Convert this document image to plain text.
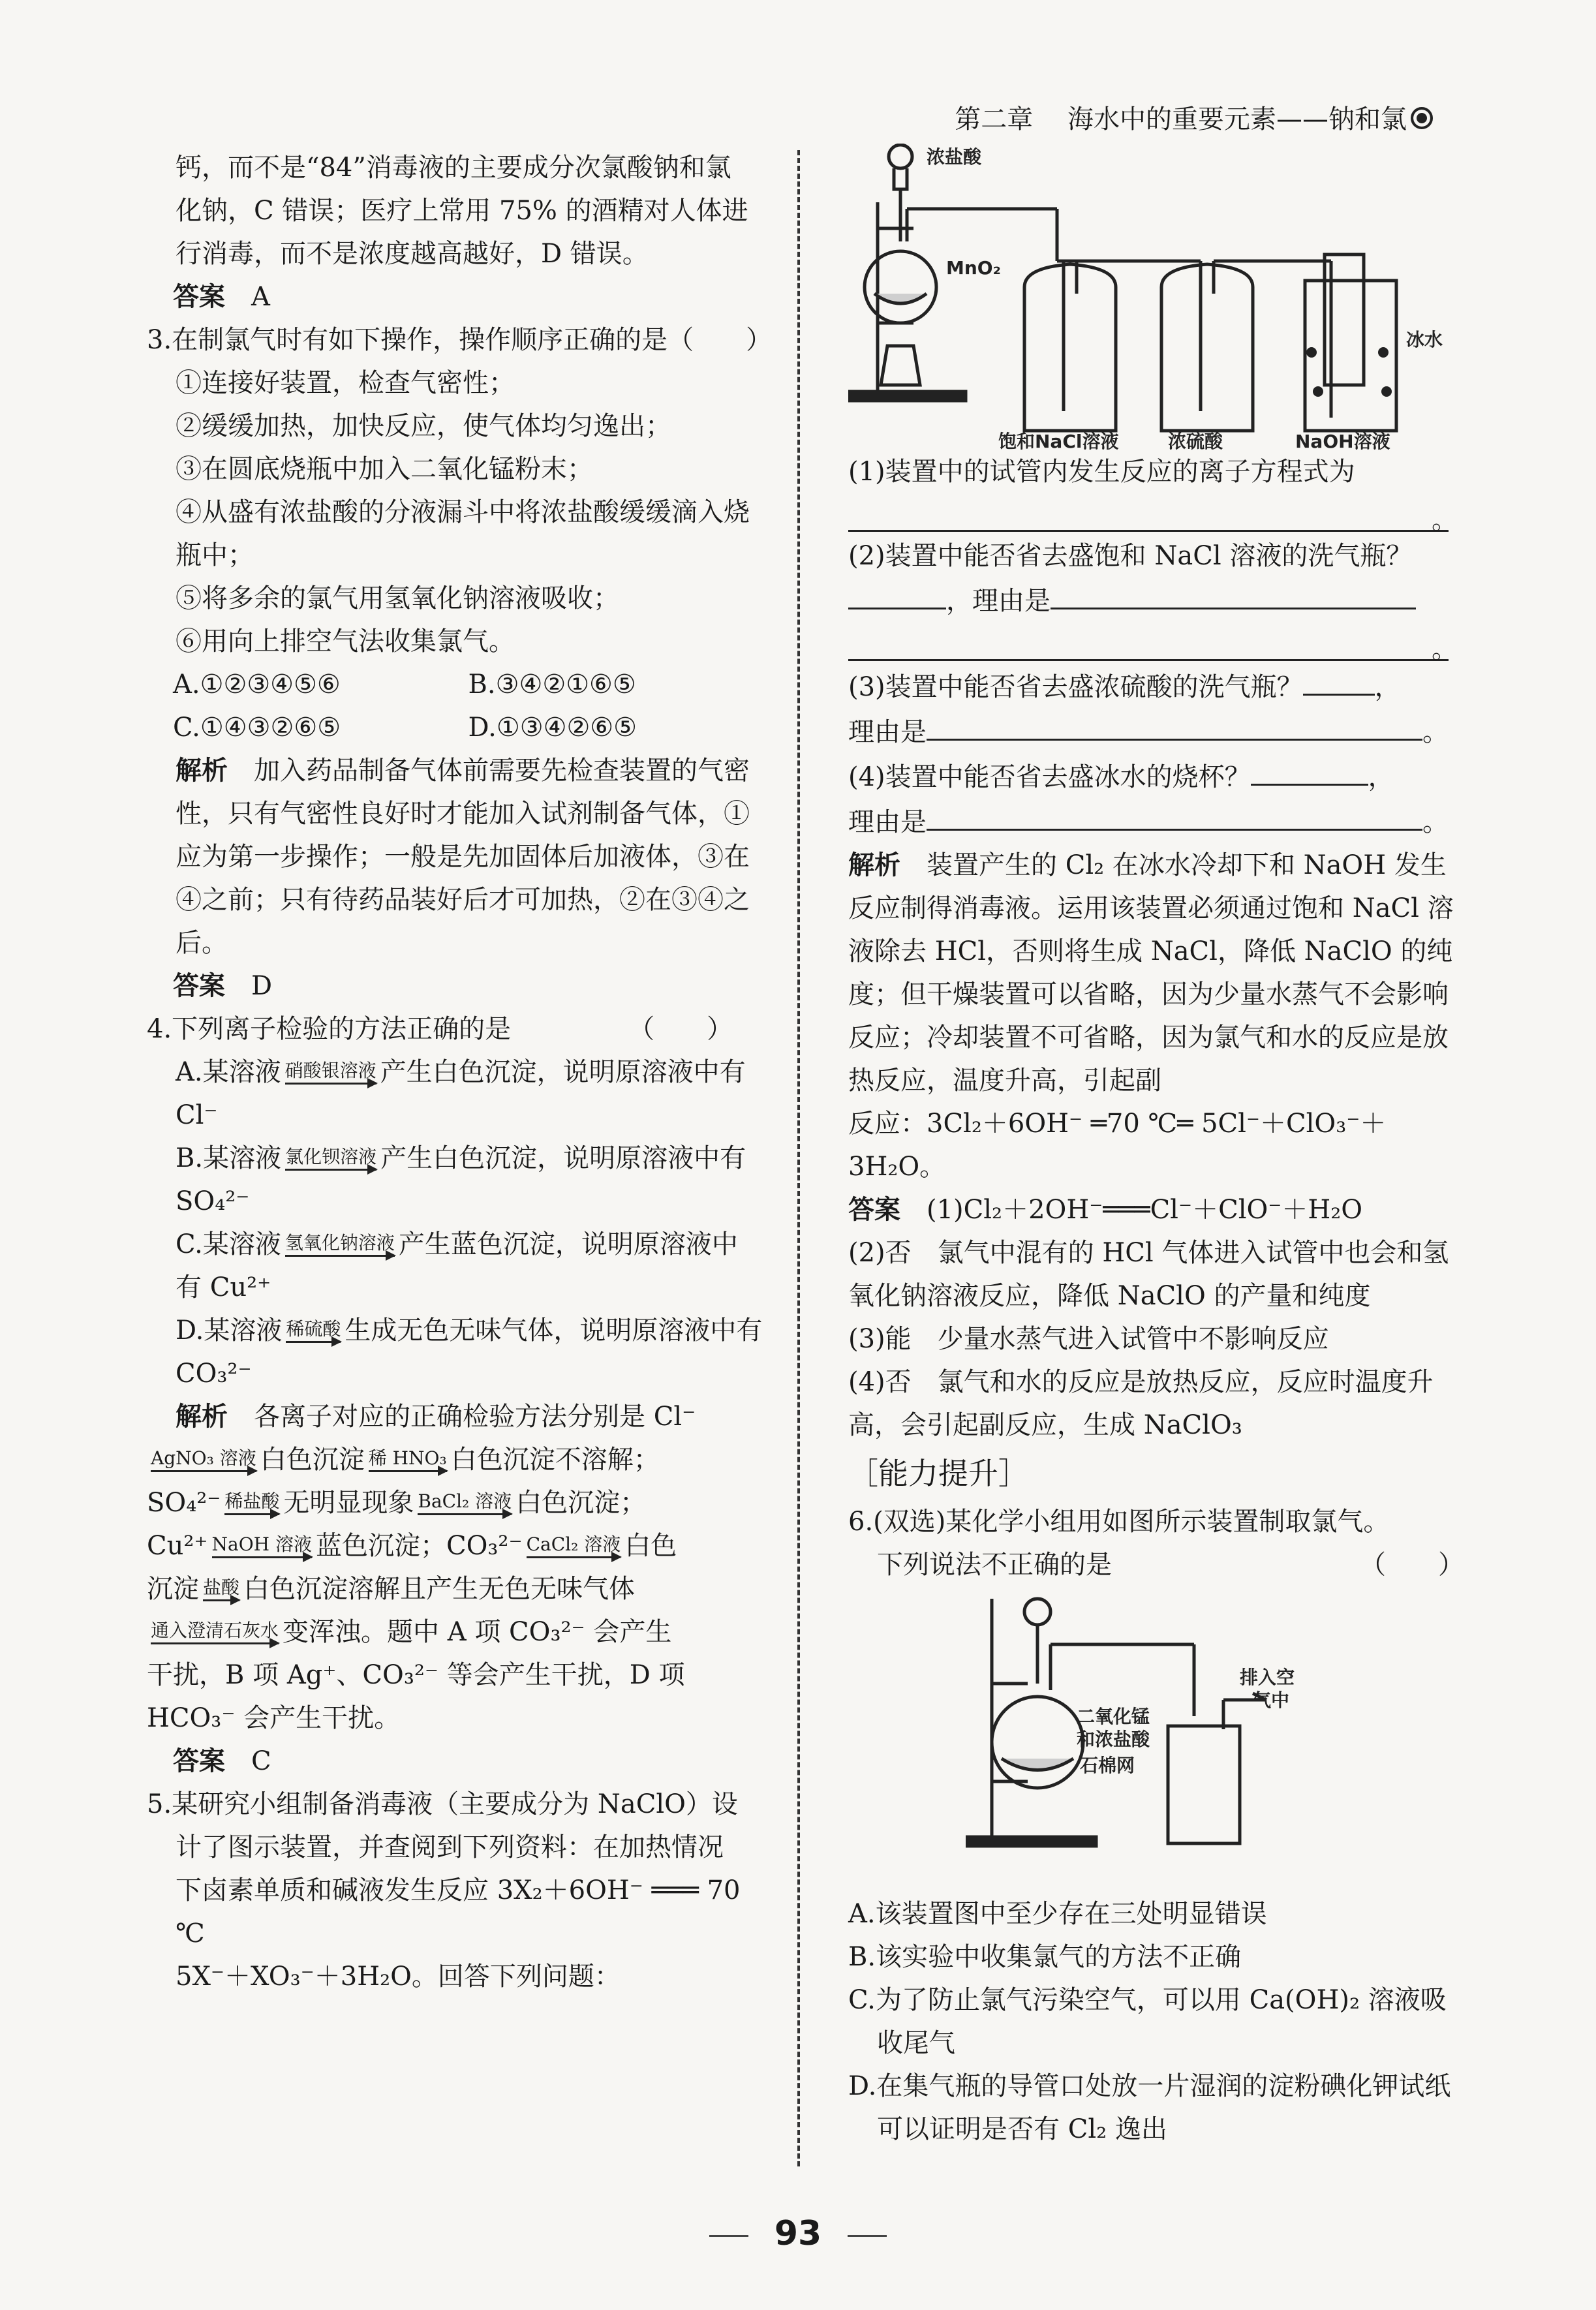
第二章　 海水中的重要元素——钠和氯

钙，而不是“84”消毒液的主要成分次氯酸钠和氯

化钠，C 错误；医疗上常用 75% 的酒精对人体进

行消毒，而不是浓度越高越好，D 错误。

答案　 A

3.在制氯气时有如下操作，操作顺序正确的是（　　）

①连接好装置，检查气密性；

②缓缓加热，加快反应，使气体均匀逸出；

③在圆底烧瓶中加入二氧化锰粉末；

④从盛有浓盐酸的分液漏斗中将浓盐酸缓缓滴入烧瓶中；

⑤将多余的氯气用氢氧化钠溶液吸收；

⑥用向上排空气法收集氯气。

A.①②③④⑤⑥	B.③④②①⑥⑤
C.①④③②⑥⑤	D.①③④②⑥⑤

解析　 加入药品制备气体前需要先检查装置的气密性，只有气密性良好时才能加入试剂制备气体，①应为第一步操作；一般是先加固体后加液体，③在④之前；只有待药品装好后才可加热，②在③④之后。

答案　 D

4.下列离子检验的方法正确的是　　　　　（　　）

A.某溶液 硝酸银溶液 产生白色沉淀，说明原溶液中有 Cl⁻

B.某溶液 氯化钡溶液 产生白色沉淀，说明原溶液中有 SO₄²⁻

C.某溶液 氢氧化钠溶液 产生蓝色沉淀，说明原溶液中有 Cu²⁺

D.某溶液 稀硫酸 生成无色无味气体，说明原溶液中有 CO₃²⁻

解析　 各离子对应的正确检验方法分别是 Cl⁻

AgNO₃ 溶液 白色沉淀 稀 HNO₃ 白色沉淀不溶解；

SO₄²⁻ 稀盐酸 无明显现象 BaCl₂ 溶液 白色沉淀；

Cu²⁺ NaOH 溶液 蓝色沉淀；CO₃²⁻ CaCl₂ 溶液 白色

沉淀 盐酸 白色沉淀溶解且产生无色无味气体

通入澄清石灰水 变浑浊。题中 A 项 CO₃²⁻ 会产生

干扰，B 项 Ag⁺、CO₃²⁻ 等会产生干扰，D 项

HCO₃⁻ 会产生干扰。

答案　 C

5.某研究小组制备消毒液（主要成分为 NaClO）设

计了图示装置，并查阅到下列资料：在加热情况

下卤素单质和碱液发生反应 3X₂＋6OH⁻ ═══ 70 ℃

5X⁻＋XO₃⁻＋3H₂O。回答下列问题：

浓盐酸
MnO₂
饱和NaCl溶液	浓硫酸	NaOH溶液
冰水

(1)装置中的试管内发生反应的离子方程式为

。

(2)装置中能否省去盛饱和 NaCl 溶液的洗气瓶？

，理由是

。

(3)装置中能否省去盛浓硫酸的洗气瓶？	，

理由是	。

(4)装置中能否省去盛冰水的烧杯？	，

理由是	。

解析　 装置产生的 Cl₂ 在冰水冷却下和 NaOH 发生反应制得消毒液。运用该装置必须通过饱和 NaCl 溶液除去 HCl，否则将生成 NaCl，降低 NaClO 的纯度；但干燥装置可以省略，因为少量水蒸气不会影响反应；冷却装置不可省略，因为氯气和水的反应是放热反应，温度升高，引起副

反应：3Cl₂＋6OH⁻ ═70 ℃═ 5Cl⁻＋ClO₃⁻＋3H₂O。

答案　 (1)Cl₂＋2OH⁻═══Cl⁻＋ClO⁻＋H₂O

(2)否　氯气中混有的 HCl 气体进入试管中也会和氢氧化钠溶液反应，降低 NaClO 的产量和纯度

(3)能　少量水蒸气进入试管中不影响反应

(4)否　氯气和水的反应是放热反应，反应时温度升高，会引起副反应，生成 NaClO₃

［能力提升］

6.(双选)某化学小组用如图所示装置制取氯气。

下列说法不正确的是　　　　　　　　　　（　　）

二氧化锰
和浓盐酸
石棉网
排入空
气中

A.该装置图中至少存在三处明显错误

B.该实验中收集氯气的方法不正确

C.为了防止氯气污染空气，可以用 Ca(OH)₂ 溶液吸收尾气

D.在集气瓶的导管口处放一片湿润的淀粉碘化钾试纸可以证明是否有 Cl₂ 逸出

93
